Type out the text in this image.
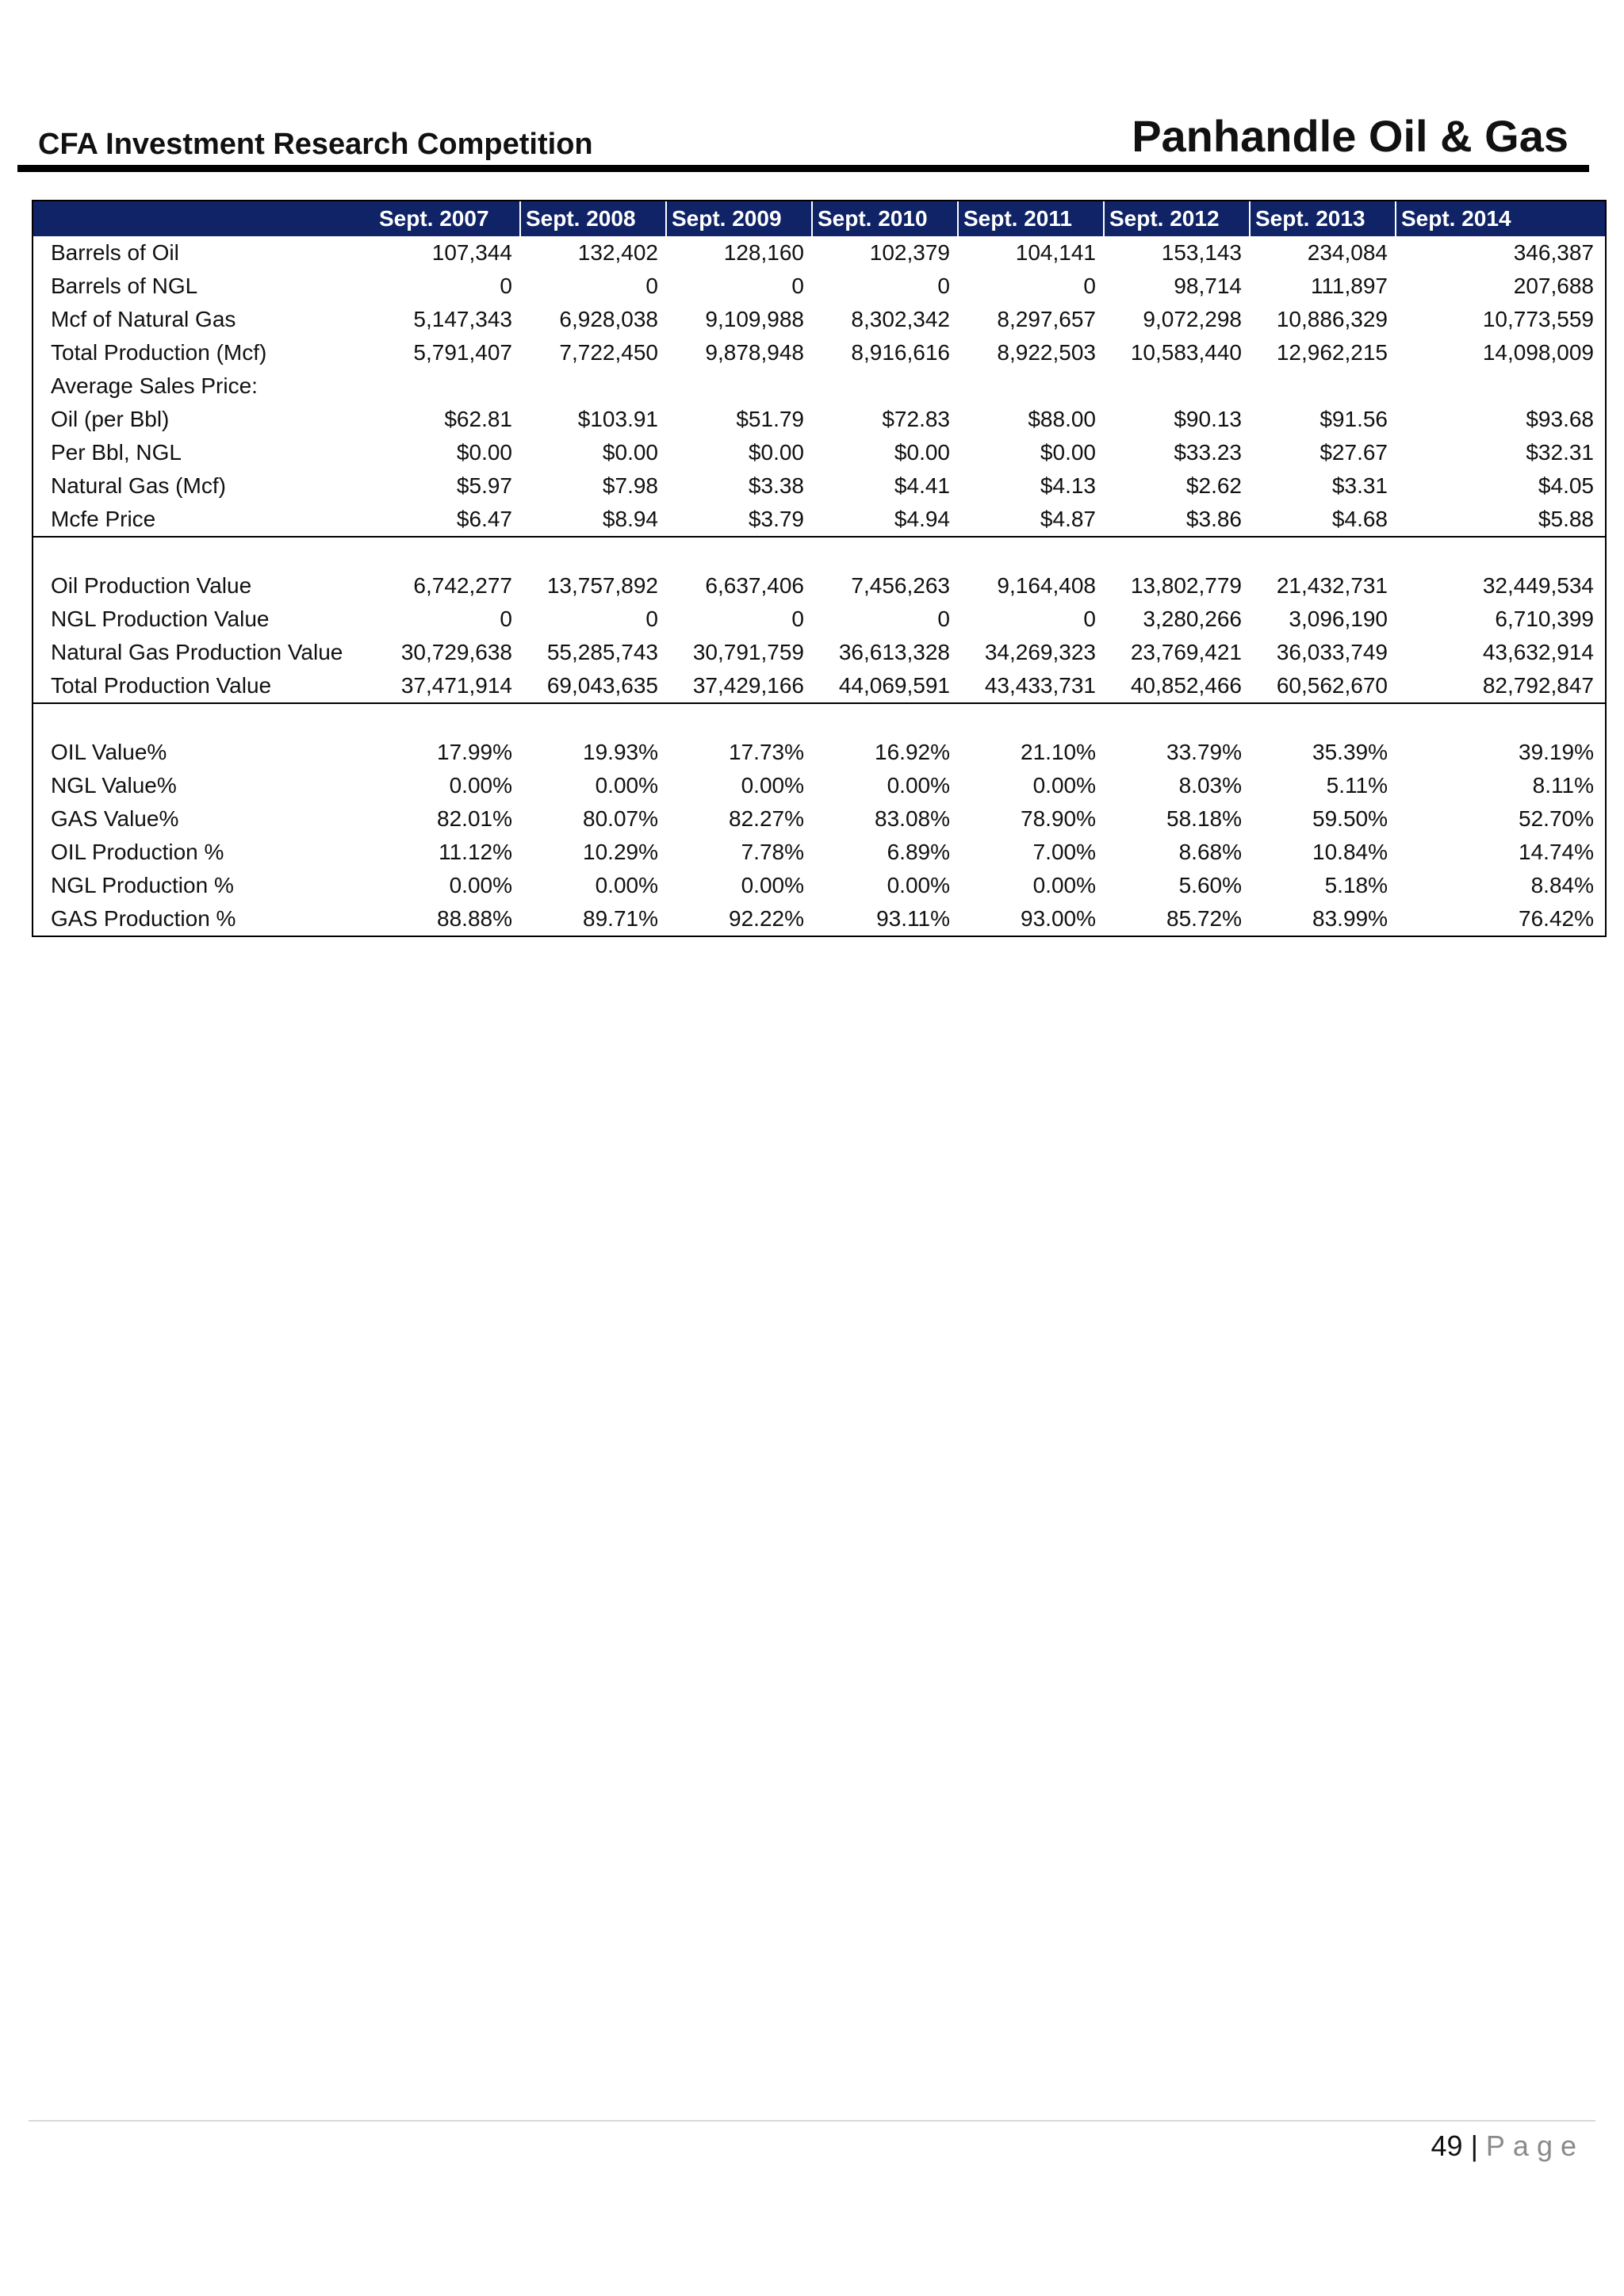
CFA Investment Research Competition	Panhandle Oil & Gas
	Sept. 2007	Sept. 2008	Sept. 2009	Sept. 2010	Sept. 2011	Sept. 2012	Sept. 2013	Sept. 2014
Barrels of Oil	107,344	132,402	128,160	102,379	104,141	153,143	234,084	346,387
Barrels of NGL	0	0	0	0	0	98,714	111,897	207,688
Mcf of Natural Gas	5,147,343	6,928,038	9,109,988	8,302,342	8,297,657	9,072,298	10,886,329	10,773,559
Total Production (Mcf)	5,791,407	7,722,450	9,878,948	8,916,616	8,922,503	10,583,440	12,962,215	14,098,009
Average Sales Price:								
Oil (per Bbl)	$62.81	$103.91	$51.79	$72.83	$88.00	$90.13	$91.56	$93.68
Per Bbl, NGL	$0.00	$0.00	$0.00	$0.00	$0.00	$33.23	$27.67	$32.31
Natural Gas (Mcf)	$5.97	$7.98	$3.38	$4.41	$4.13	$2.62	$3.31	$4.05
Mcfe Price	$6.47	$8.94	$3.79	$4.94	$4.87	$3.86	$4.68	$5.88

Oil Production Value	6,742,277	13,757,892	6,637,406	7,456,263	9,164,408	13,802,779	21,432,731	32,449,534
NGL Production Value	0	0	0	0	0	3,280,266	3,096,190	6,710,399
Natural Gas Production Value	30,729,638	55,285,743	30,791,759	36,613,328	34,269,323	23,769,421	36,033,749	43,632,914
Total Production Value	37,471,914	69,043,635	37,429,166	44,069,591	43,433,731	40,852,466	60,562,670	82,792,847

OIL Value%	17.99%	19.93%	17.73%	16.92%	21.10%	33.79%	35.39%	39.19%
NGL Value%	0.00%	0.00%	0.00%	0.00%	0.00%	8.03%	5.11%	8.11%
GAS Value%	82.01%	80.07%	82.27%	83.08%	78.90%	58.18%	59.50%	52.70%
OIL Production %	11.12%	10.29%	7.78%	6.89%	7.00%	8.68%	10.84%	14.74%
NGL Production %	0.00%	0.00%	0.00%	0.00%	0.00%	5.60%	5.18%	8.84%
GAS Production %	88.88%	89.71%	92.22%	93.11%	93.00%	85.72%	83.99%	76.42%
49 | Page
